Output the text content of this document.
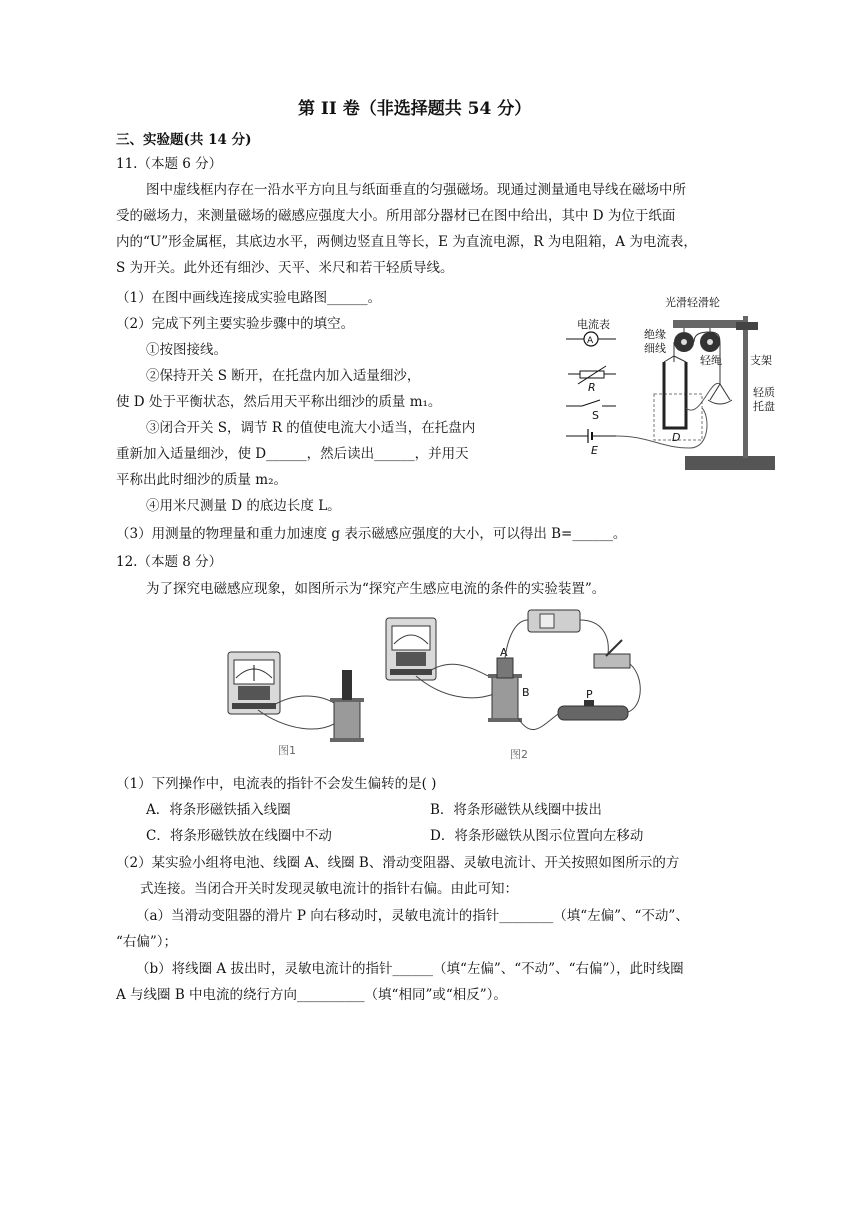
第 II 卷（非选择题共 54 分）
三、实验题(共 14 分)
11.（本题 6 分）
图中虚线框内存在一沿水平方向且与纸面垂直的匀强磁场。现通过测量通电导线在磁场中所
受的磁场力，来测量磁场的磁感应强度大小。所用部分器材已在图中给出，其中 D 为位于纸面
内的“U”形金属框，其底边水平，两侧边竖直且等长，E 为直流电源，R 为电阻箱，A 为电流表，
S 为开关。此外还有细沙、天平、米尺和若干轻质导线。
（1）在图中画线连接成实验电路图______。
（2）完成下列主要实验步骤中的填空。
①按图接线。
②保持开关 S 断开，在托盘内加入适量细沙，
使 D 处于平衡状态，然后用天平称出细沙的质量 m₁。
③闭合开关 S，调节 R 的值使电流大小适当，在托盘内
重新加入适量细沙，使 D______，然后读出______，并用天
平称出此时细沙的质量 m₂。
④用米尺测量 D 的底边长度 L。
（3）用测量的物理量和重力加速度 g 表示磁感应强度的大小，可以得出 B=______。
光滑轻滑轮
电流表
绝缘
细线
轻绳	支架
轻质
托盘
A
R
S
E
D
12.（本题 8 分）
为了探究电磁感应现象，如图所示为“探究产生感应电流的条件的实验装置”。
图1
A
B	P
图2
（1）下列操作中，电流表的指针不会发生偏转的是( )
A．将条形磁铁插入线圈	B．将条形磁铁从线圈中拔出
C．将条形磁铁放在线圈中不动	D．将条形磁铁从图示位置向左移动
（2）某实验小组将电池、线圈 A、线圈 B、滑动变阻器、灵敏电流计、开关按照如图所示的方
式连接。当闭合开关时发现灵敏电流计的指针右偏。由此可知：
（a）当滑动变阻器的滑片 P 向右移动时，灵敏电流计的指针________（填“左偏”、“不动”、
“右偏”）；
（b）将线圈 A 拔出时，灵敏电流计的指针______（填“左偏”、“不动”、“右偏”），此时线圈
A 与线圈 B 中电流的绕行方向__________（填“相同”或“相反”）。
